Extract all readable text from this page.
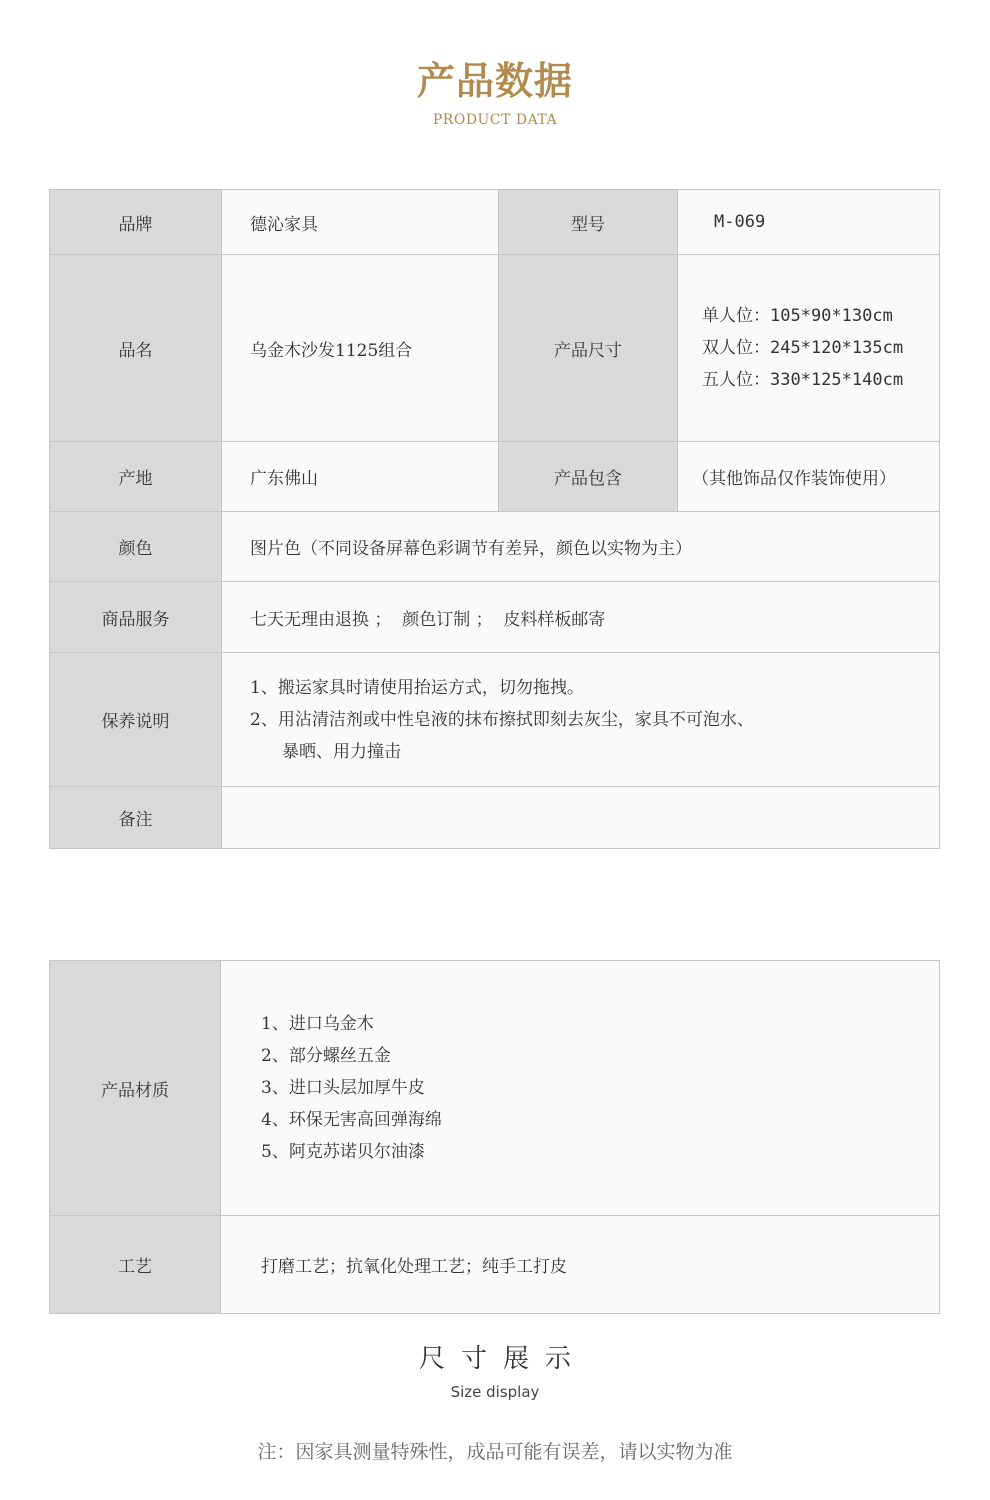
产品数据
PRODUCT DATA
品牌	德沁家具	型号	M-069
品名	乌金木沙发1125组合	产品尺寸	单人位：105*90*130cm
双人位：245*120*135cm
五人位：330*125*140cm

产地	广东佛山	产品包含	（其他饰品仅作装饰使用）
颜色	图片色（不同设备屏幕色彩调节有差异，颜色以实物为主）		
商品服务	七天无理由退换 ；  颜色订制 ；  皮料样板邮寄		
保养说明	1、搬运家具时请使用抬运方式，切勿拖拽。
2、用沾清洁剂或中性皂液的抹布擦拭即刻去灰尘，家具不可泡水、
暴晒、用力撞击		

备注			
产品材质	1、进口乌金木
2、部分螺丝五金
3、进口头层加厚牛皮
4、环保无害高回弹海绵
5、阿克苏诺贝尔油漆

工艺	打磨工艺；抗氧化处理工艺；纯手工打皮
尺寸展示
Size display
注：因家具测量特殊性，成品可能有误差，请以实物为准
